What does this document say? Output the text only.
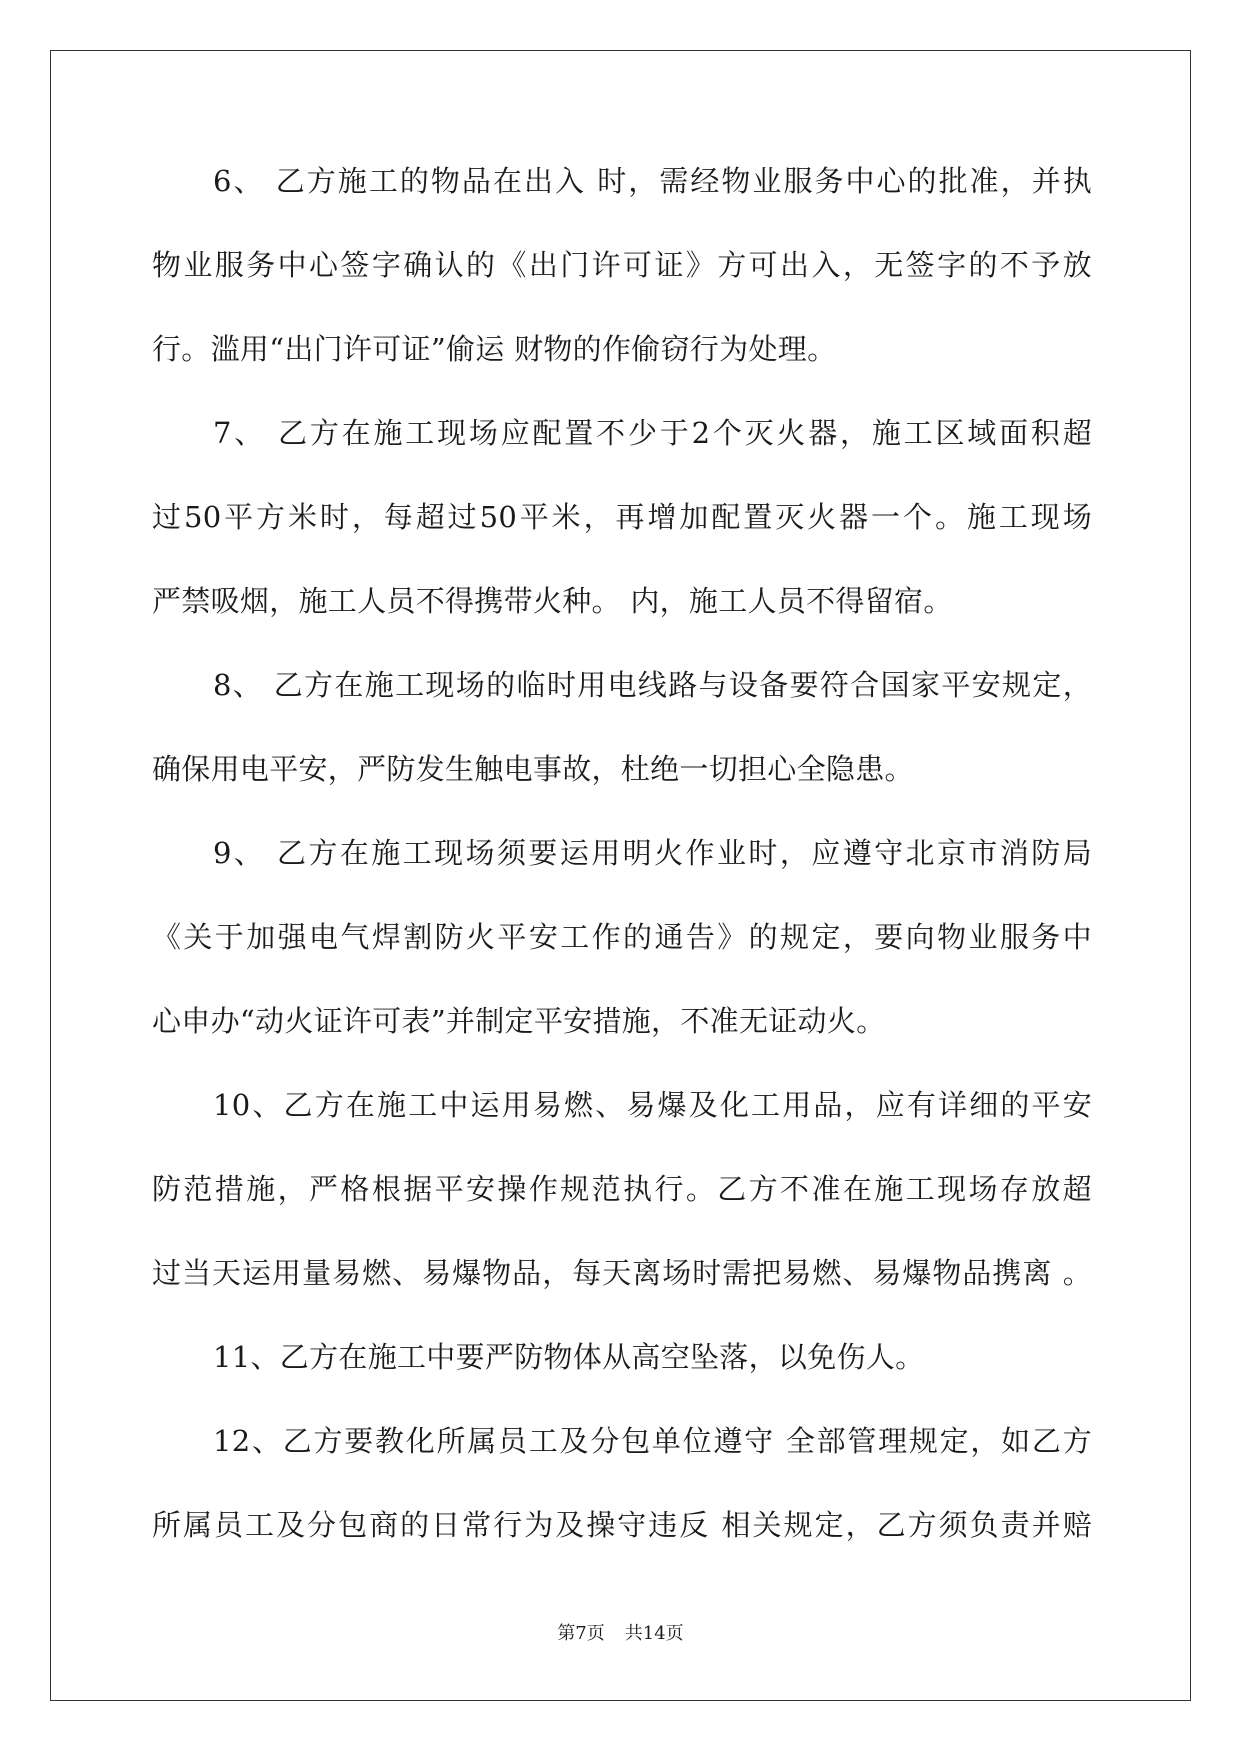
6、 乙方施工的物品在出入 时，需经物业服务中心的批准，并执
物业服务中心签字确认的《出门许可证》方可出入，无签字的不予放
行。滥用“出门许可证”偷运 财物的作偷窃行为处理。
7、 乙方在施工现场应配置不少于2个灭火器，施工区域面积超
过50平方米时，每超过50平米，再增加配置灭火器一个。施工现场
严禁吸烟，施工人员不得携带火种。 内，施工人员不得留宿。
8、 乙方在施工现场的临时用电线路与设备要符合国家平安规定，
确保用电平安，严防发生触电事故，杜绝一切担心全隐患。
9、 乙方在施工现场须要运用明火作业时，应遵守北京市消防局
《关于加强电气焊割防火平安工作的通告》的规定，要向物业服务中
心申办“动火证许可表”并制定平安措施，不准无证动火。
10、乙方在施工中运用易燃、易爆及化工用品，应有详细的平安
防范措施，严格根据平安操作规范执行。乙方不准在施工现场存放超
过当天运用量易燃、易爆物品，每天离场时需把易燃、易爆物品携离 。
11、乙方在施工中要严防物体从高空坠落，以免伤人。
12、乙方要教化所属员工及分包单位遵守 全部管理规定，如乙方
所属员工及分包商的日常行为及操守违反 相关规定，乙方须负责并赔
第7页 共14页
